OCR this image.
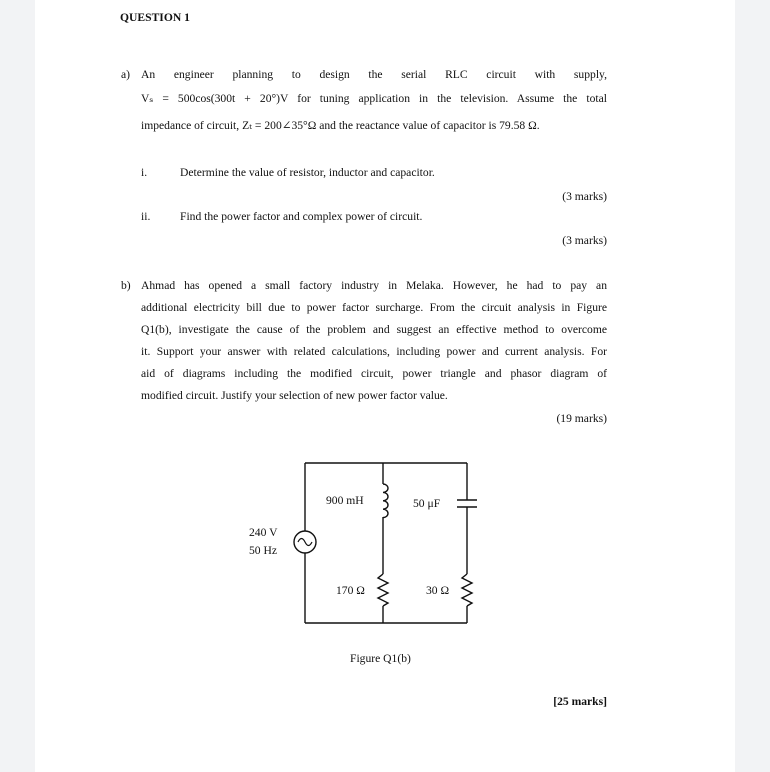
QUESTION 1
a) An engineer planning to design the serial RLC circuit with supply,
Vₛ = 500cos(300t + 20°)V for tuning application in the television. Assume the total
impedance of circuit, Zₜ = 200∠35°Ω and the reactance value of capacitor is 79.58 Ω.
i.	Determine the value of resistor, inductor and capacitor.
(3 marks)
ii.	Find the power factor and complex power of circuit.
(3 marks)
b) Ahmad has opened a small factory industry in Melaka. However, he had to pay an
additional electricity bill due to power factor surcharge. From the circuit analysis in Figure
Q1(b), investigate the cause of the problem and suggest an effective method to overcome
it. Support your answer with related calculations, including power and current analysis. For
aid of diagrams including the modified circuit, power triangle and phasor diagram of
modified circuit. Justify your selection of new power factor value.
(19 marks)
900 mH	50 μF
240 V
50 Hz
170 Ω	30 Ω
Figure Q1(b)
[25 marks]
